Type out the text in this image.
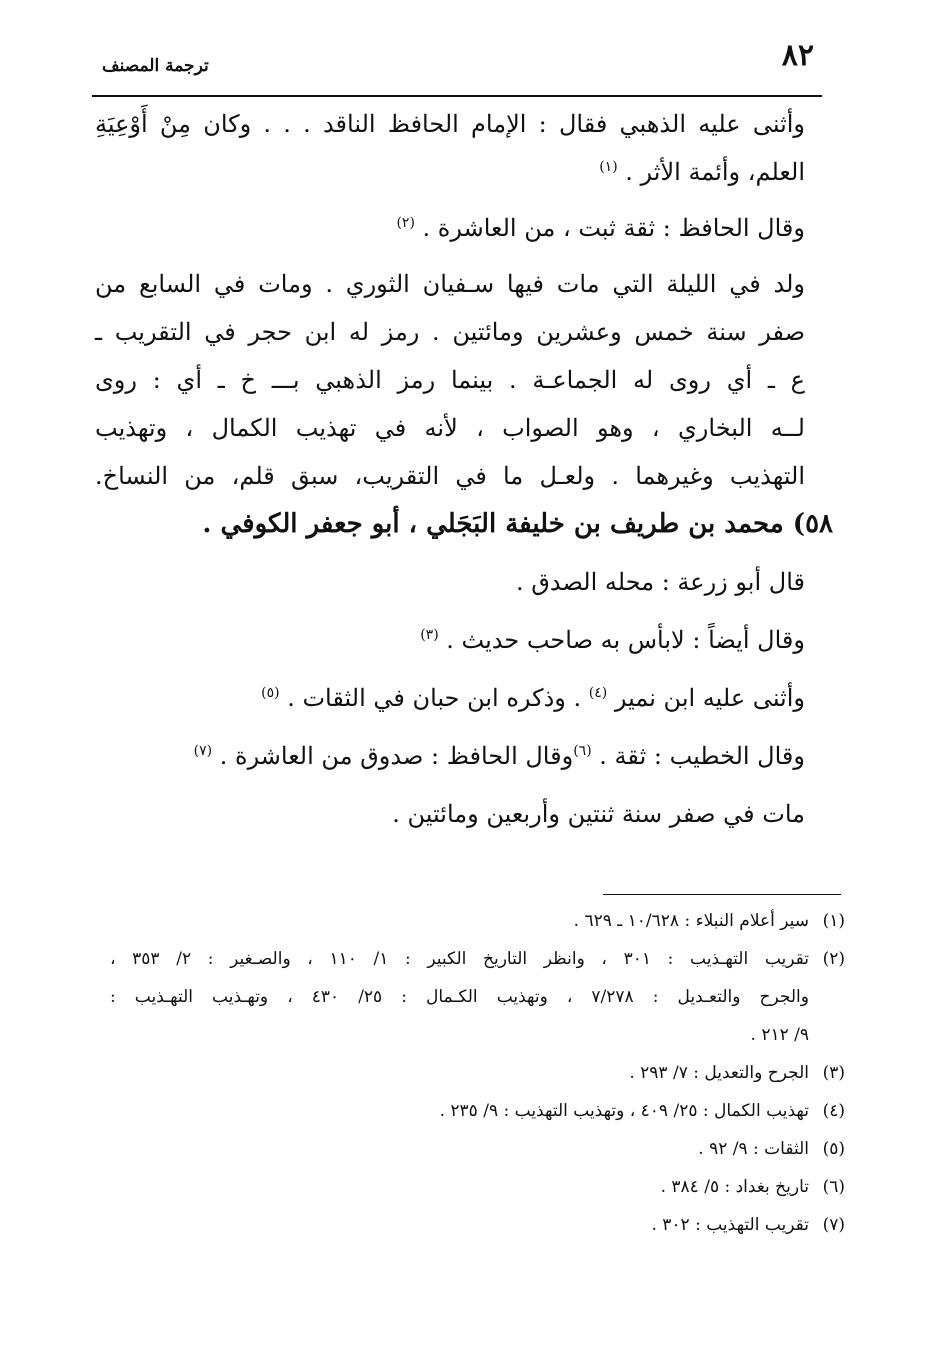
٨٢
ترجمة المصنف
وأثنى عليه الذهبي فقال : الإمام الحافظ الناقد . . . وكان مِنْ أَوْعِيَةِ
العلم، وأئمة الأثر . $^{(١)}$
وقال الحافظ : ثقة ثبت ، من العاشرة . $^{(٢)}$
ولد في الليلة التي مات فيها سـفيان الثوري . ومات في السابع من
صفر سنة خمس وعشرين ومائتين . رمز له ابن حجر في التقريب ـ
ع ـ أي روى له الجماعـة . بينما رمز الذهبي بـــ خ ـ أي : روى
لــه البخاري ، وهو الصواب ، لأنه في تهذيب الكمال ، وتهذيب
التهذيب وغيرهما . ولعـل ما في التقريب، سبق قلم، من النساخ.
٥٨) محمد بن طريف بن خليفة البَجَلي ، أبو جعفر الكوفي .
قال أبو زرعة : محله الصدق .
وقال أيضاً : لابأس به صاحب حديث . $^{(٣)}$
وأثنى عليه ابن نمير $^{(٤)}$ . وذكره ابن حبان في الثقات . $^{(٥)}$
وقال الخطيب : ثقة . $^{(٦)}$وقال الحافظ : صدوق من العاشرة . $^{(٧)}$
مات في صفر سنة ثنتين وأربعين ومائتين .
(١)سير أعلام النبلاء : ١٠/٦٢٨ ـ ٦٢٩ .
(٢)تقريب التهـذيب : ٣٠١ ، وانظر التاريخ الكبير : ١/ ١١٠ ، والصـغير : ٢/ ٣٥٣ ،
والجرح والتعـديل : ٧/٢٧٨ ، وتهذيب الكـمال : ٢٥/ ٤٣٠ ، وتهـذيب التهـذيب :
٩/ ٢١٢ .
(٣)الجرح والتعديل : ٧/ ٢٩٣ .
(٤)تهذيب الكمال : ٢٥/ ٤٠٩ ، وتهذيب التهذيب : ٩/ ٢٣٥ .
(٥)الثقات : ٩/ ٩٢ .
(٦)تاريخ بغداد : ٥/ ٣٨٤ .
(٧)تقريب التهذيب : ٣٠٢ .
